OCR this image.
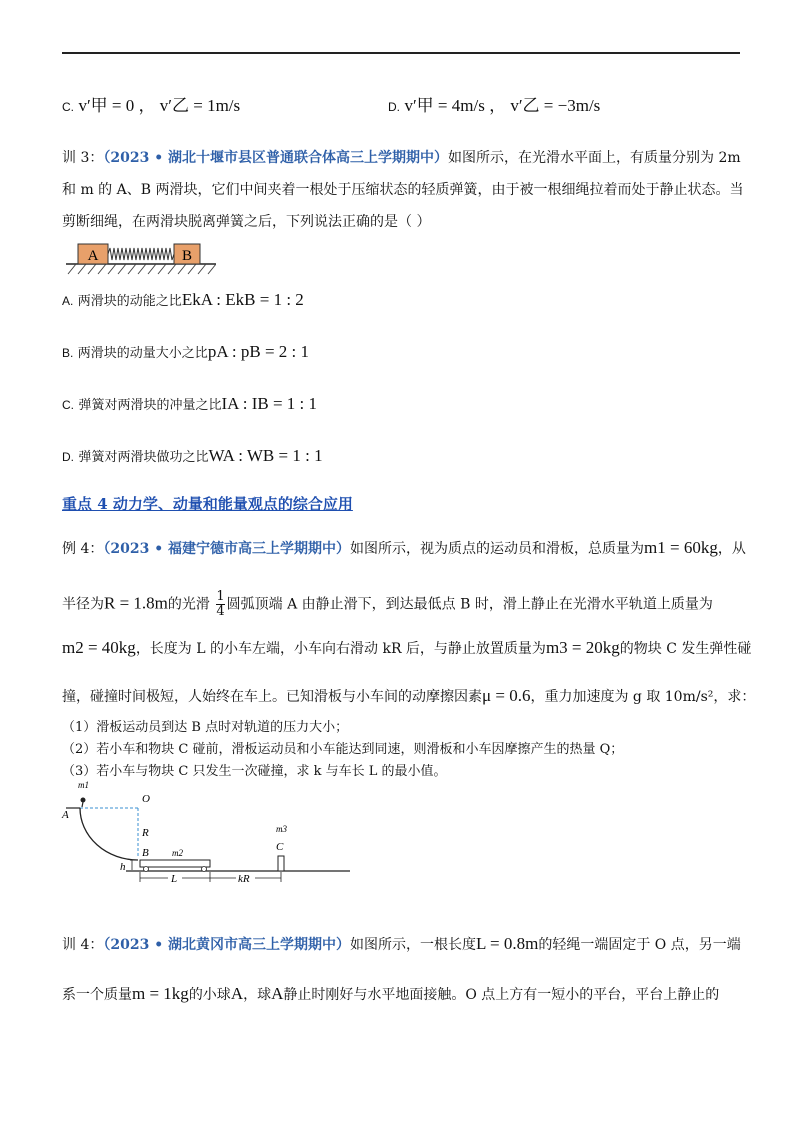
C. v′甲 = 0 ， v′乙 = 1m/s	D. v′甲 = 4m/s ， v′乙 = −3m/s
训 3：（2023 • 湖北十堰市县区普通联合体高三上学期期中）如图所示，在光滑水平面上，有质量分别为 2m
和 m 的 A、B 两滑块，它们中间夹着一根处于压缩状态的轻质弹簧，由于被一根细绳拉着而处于静止状态。当
剪断细绳，在两滑块脱离弹簧之后，下列说法正确的是（ ）
A	B
A. 两滑块的动能之比EkA : EkB = 1 : 2
B. 两滑块的动量大小之比pA : pB = 2 : 1
C. 弹簧对两滑块的冲量之比IA : IB = 1 : 1
D. 弹簧对两滑块做功之比WA : WB = 1 : 1
重点 4 动力学、动量和能量观点的综合应用
例 4：（2023 • 福建宁德市高三上学期期中）如图所示，视为质点的运动员和滑板，总质量为m1 = 60kg，从
半径为R = 1.8m的光滑 $\frac{1}{4}$ 圆弧顶端 A 由静止滑下，到达最低点 B 时，滑上静止在光滑水平轨道上质量为
m2 = 40kg，长度为 L 的小车左端，小车向右滑动 kR 后，与静止放置质量为m3 = 20kg的物块 C 发生弹性碰
撞，碰撞时间极短，人始终在车上。已知滑板与小车间的动摩擦因素μ = 0.6，重力加速度为 g 取 10m/s²，求：
（1）滑板运动员到达 B 点时对轨道的压力大小；
（2）若小车和物块 C 碰前，滑板运动员和小车能达到同速，则滑板和小车因摩擦产生的热量 Q；
（3）若小车与物块 C 只发生一次碰撞，求 k 与车长 L 的最小值。
m1
A
O
R
B
h
m2
m3
C
L	kR
训 4：（2023 • 湖北黄冈市高三上学期期中）如图所示，一根长度L = 0.8m的轻绳一端固定于 O 点，另一端
系一个质量m = 1kg的小球A，球A静止时刚好与水平地面接触。O 点上方有一短小的平台，平台上静止的
